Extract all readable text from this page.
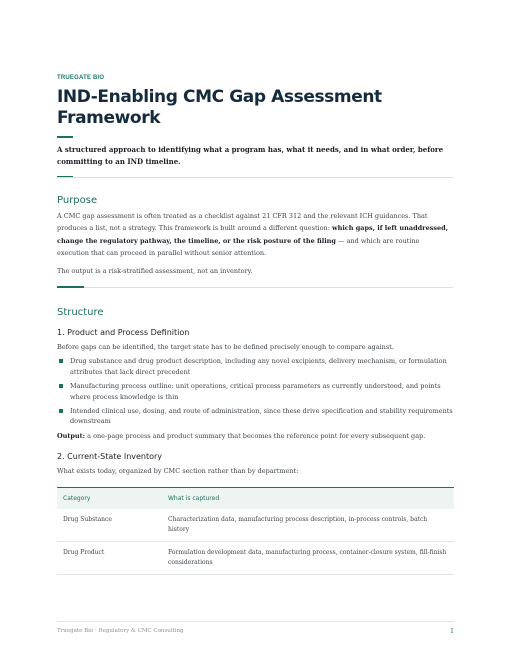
TRUEGATE BIO
IND-Enabling CMC Gap Assessment Framework
A structured approach to identifying what a program has, what it needs, and in what order, before committing to an IND timeline.
Purpose

A CMC gap assessment is often treated as a checklist against 21 CFR 312 and the relevant ICH guidances. That produces a list, not a strategy. This framework is built around a different question: which gaps, if left unaddressed, change the regulatory pathway, the timeline, or the risk posture of the filing — and which are routine execution that can proceed in parallel without senior attention.

The output is a risk-stratified assessment, not an inventory.

Structure
1. Product and Process Definition

Before gaps can be identified, the target state has to be defined precisely enough to compare against.

Drug substance and drug product description, including any novel excipients, delivery mechanism, or formulation attributes that lack direct precedent
Manufacturing process outline: unit operations, critical process parameters as currently understood, and points where process knowledge is thin
Intended clinical use, dosing, and route of administration, since these drive specification and stability requirements downstream

Output: a one-page process and product summary that becomes the reference point for every subsequent gap.

2. Current-State Inventory

What exists today, organized by CMC section rather than by department:

Category	What is captured
Drug Substance	Characterization data, manufacturing process description, in-process controls, batch history
Drug Product	Formulation development data, manufacturing process, container-closure system, fill-finish considerations
Truegate Bio · Regulatory & CMC Consulting	1
